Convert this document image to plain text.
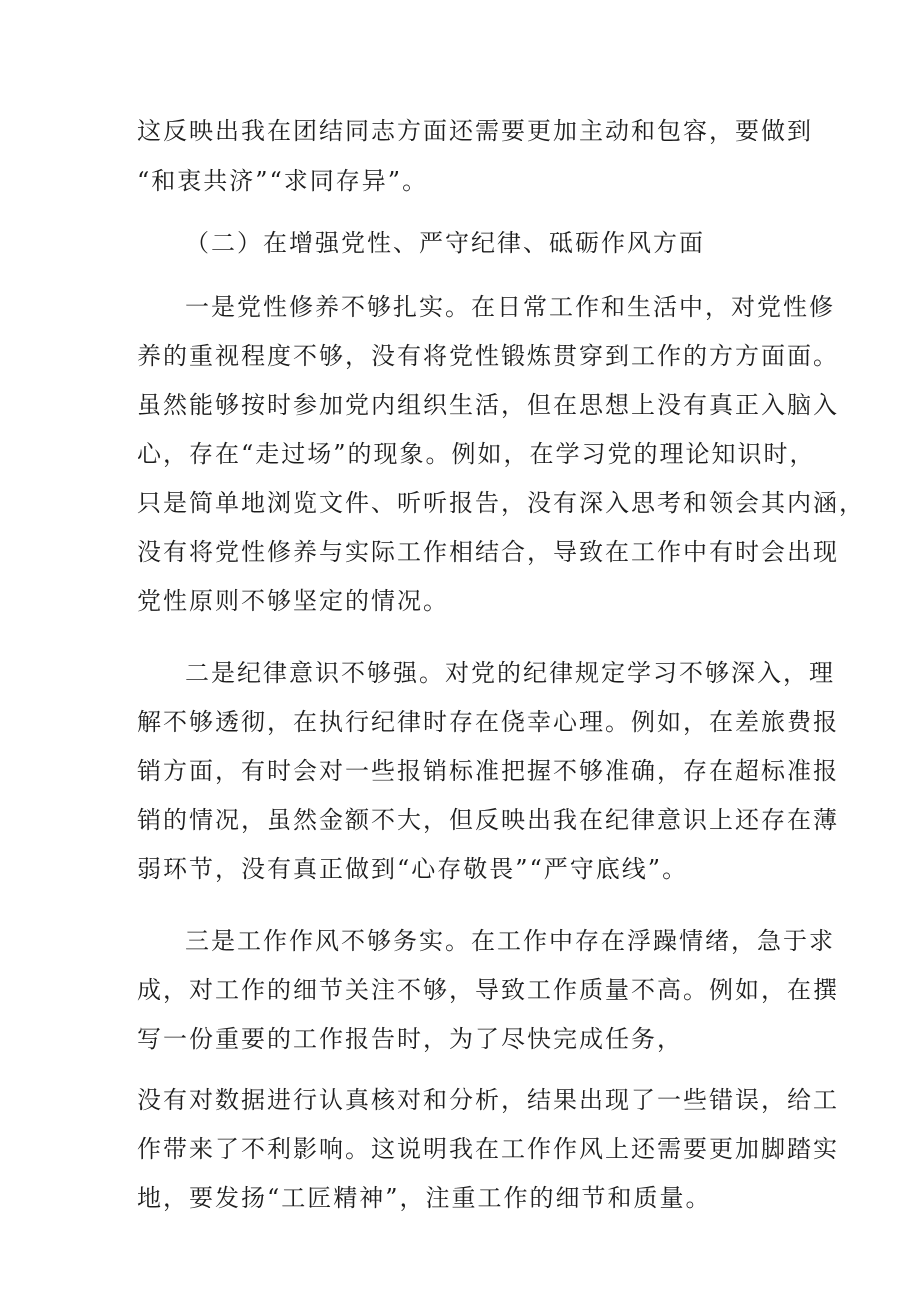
这反映出我在团结同志方面还需要更加主动和包容，要做到

“和衷共济”“求同存异”。

（二）在增强党性、严守纪律、砥砺作风方面

一是党性修养不够扎实。在日常工作和生活中，对党性修

养的重视程度不够，没有将党性锻炼贯穿到工作的方方面面。

虽然能够按时参加党内组织生活，但在思想上没有真正入脑入

心，存在“走过场”的现象。例如，在学习党的理论知识时，

只是简单地浏览文件、听听报告，没有深入思考和领会其内涵，

没有将党性修养与实际工作相结合，导致在工作中有时会出现

党性原则不够坚定的情况。

二是纪律意识不够强。对党的纪律规定学习不够深入，理

解不够透彻，在执行纪律时存在侥幸心理。例如，在差旅费报

销方面，有时会对一些报销标准把握不够准确，存在超标准报

销的情况，虽然金额不大，但反映出我在纪律意识上还存在薄

弱环节，没有真正做到“心存敬畏”“严守底线”。

三是工作作风不够务实。在工作中存在浮躁情绪，急于求

成，对工作的细节关注不够，导致工作质量不高。例如，在撰

写一份重要的工作报告时，为了尽快完成任务，

没有对数据进行认真核对和分析，结果出现了一些错误，给工

作带来了不利影响。这说明我在工作作风上还需要更加脚踏实

地，要发扬“工匠精神”，注重工作的细节和质量。
